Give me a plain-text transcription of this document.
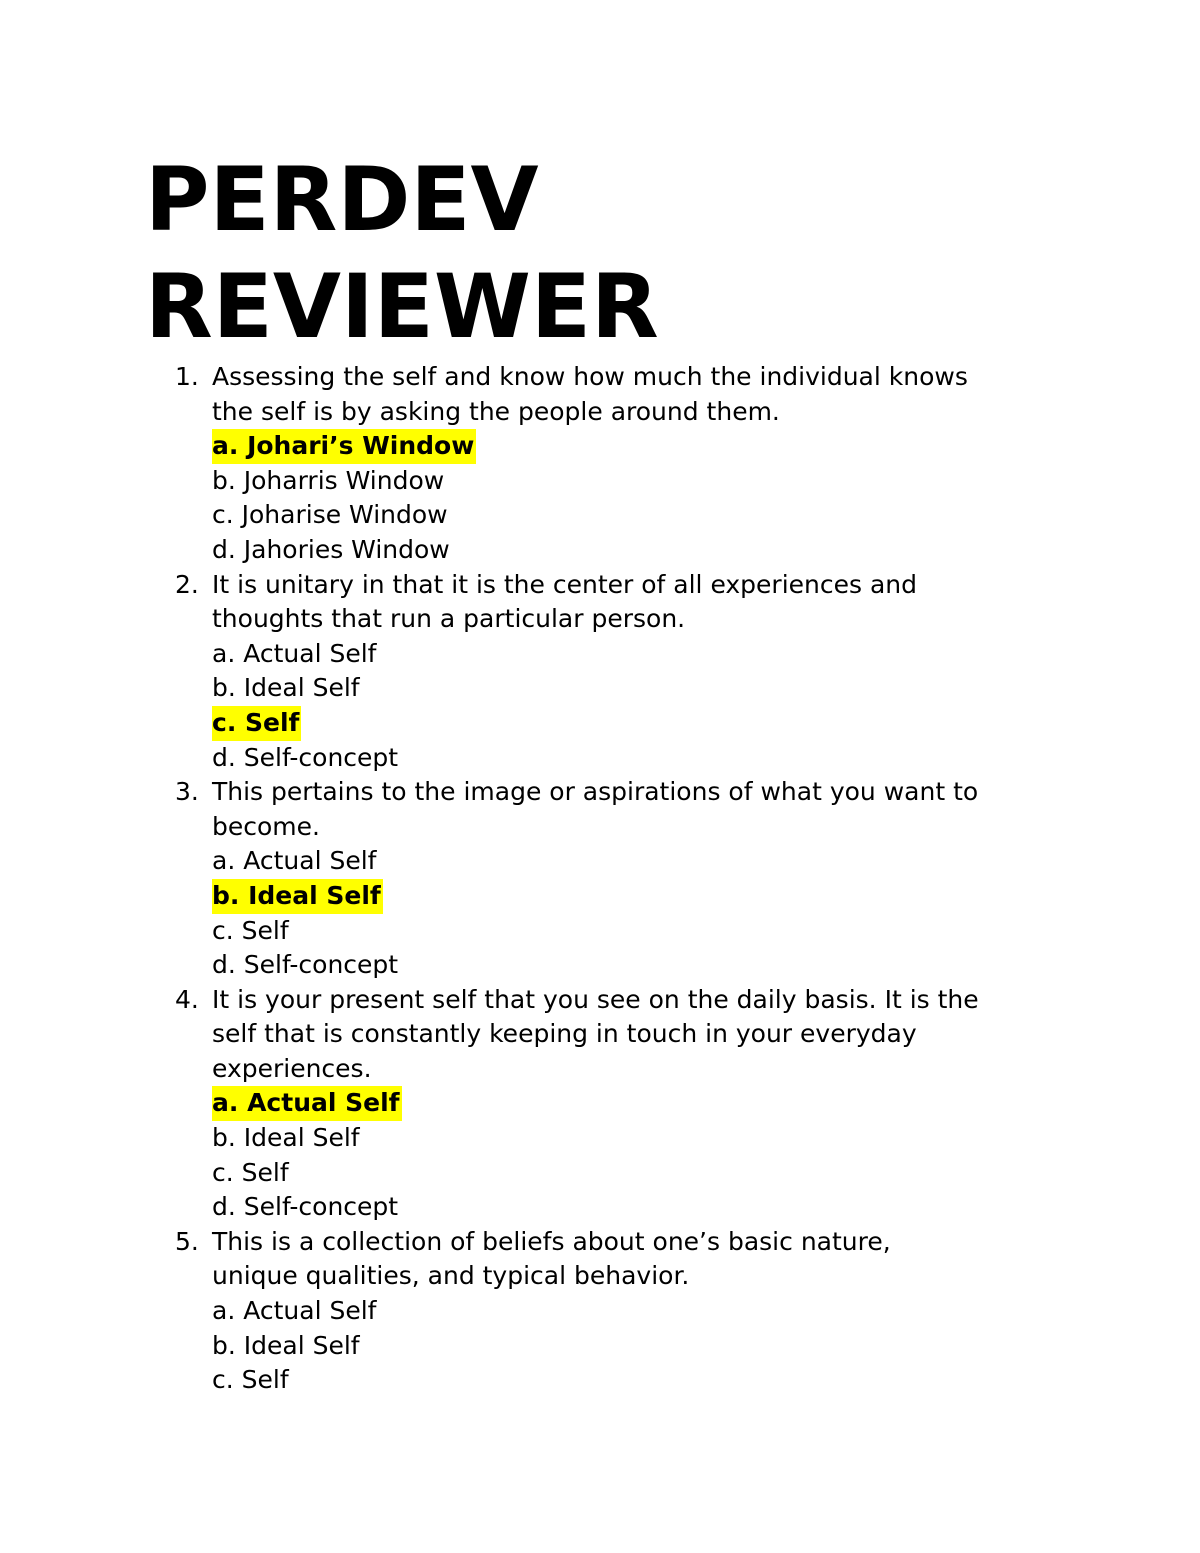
PERDEV
REVIEWER
1. Assessing the self and know how much the individual knows
the self is by asking the people around them.
a. Johari’s Window
b. Joharris Window
c. Joharise Window
d. Jahories Window
2. It is unitary in that it is the center of all experiences and
thoughts that run a particular person.
a. Actual Self
b. Ideal Self
c. Self
d. Self-concept
3. This pertains to the image or aspirations of what you want to
become.
a. Actual Self
b. Ideal Self
c. Self
d. Self-concept
4. It is your present self that you see on the daily basis. It is the
self that is constantly keeping in touch in your everyday
experiences.
a. Actual Self
b. Ideal Self
c. Self
d. Self-concept
5. This is a collection of beliefs about one’s basic nature,
unique qualities, and typical behavior.
a. Actual Self
b. Ideal Self
c. Self
